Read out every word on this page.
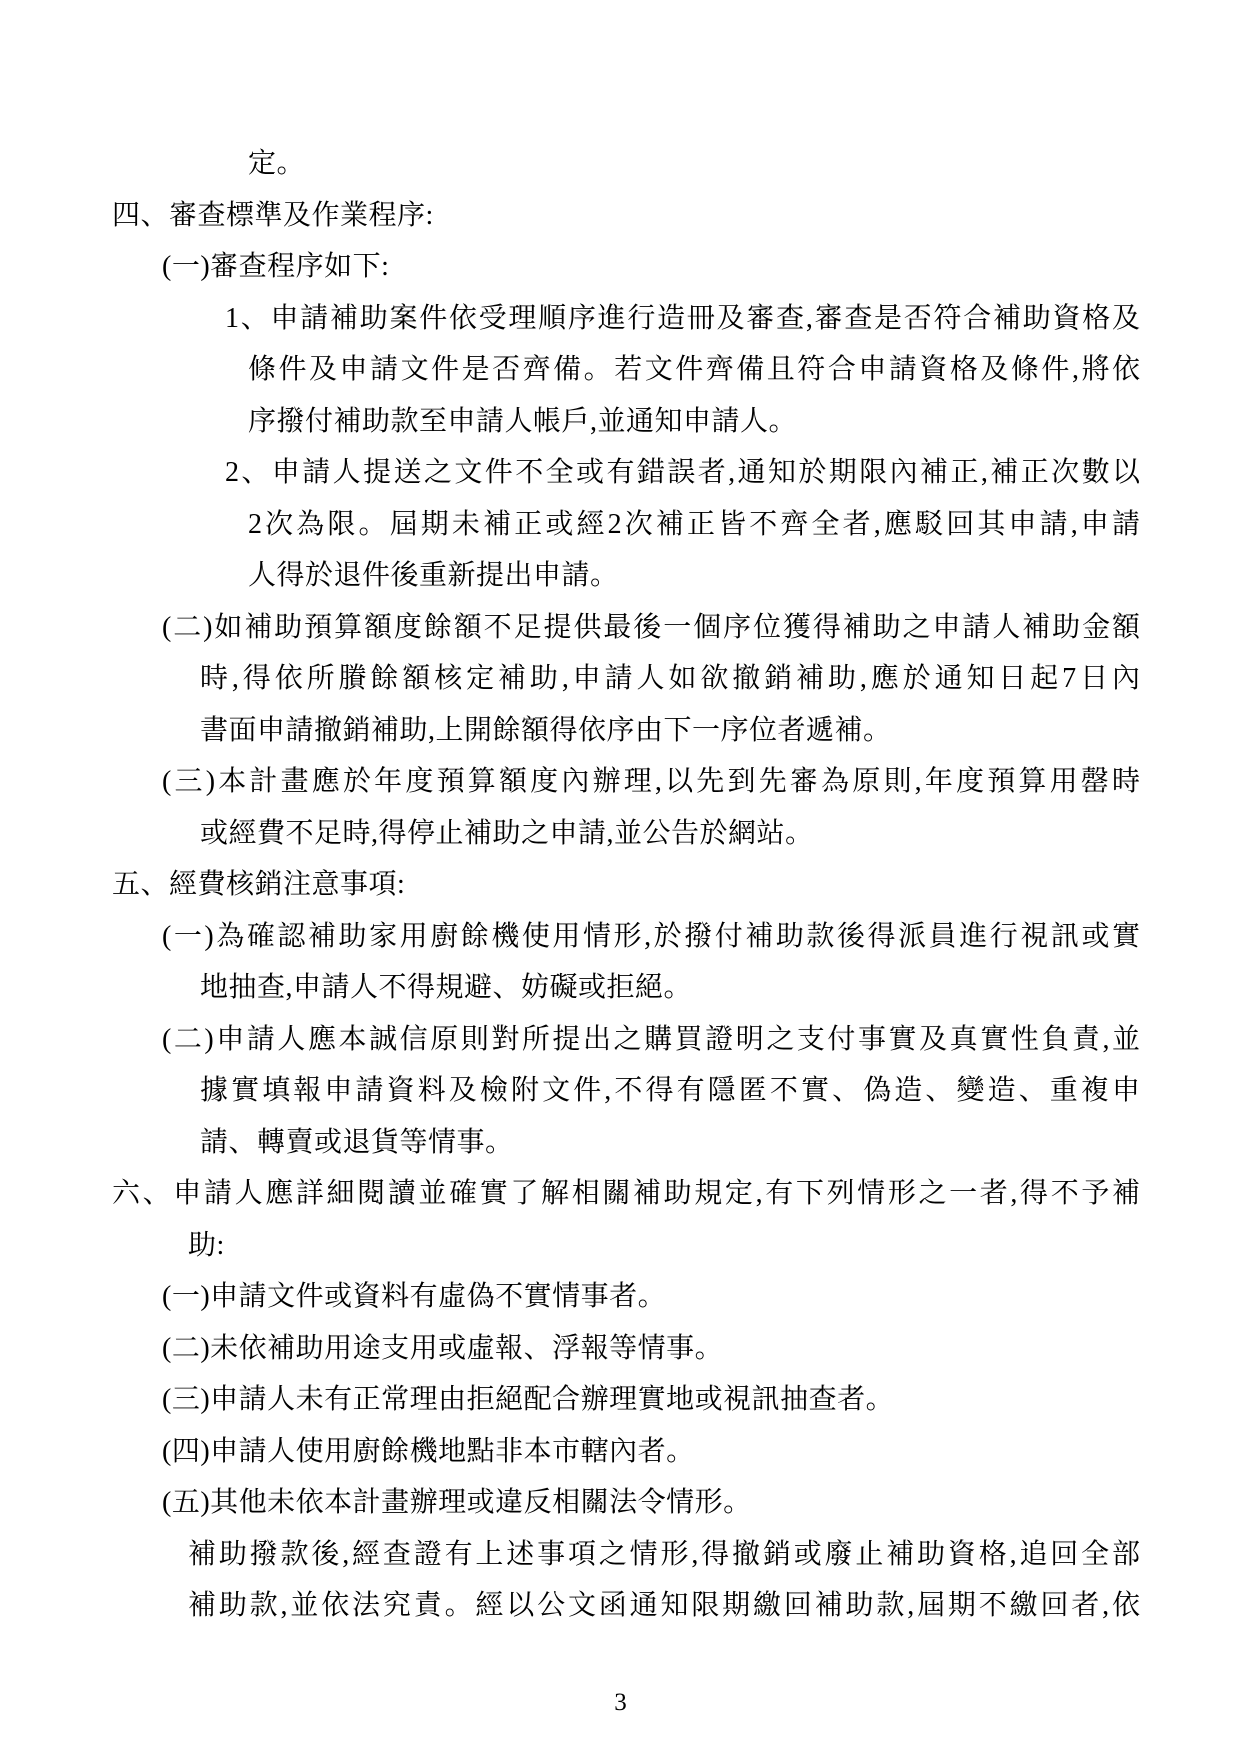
定。
四、審查標準及作業程序:
(一)審查程序如下:
1、申請補助案件依受理順序進行造冊及審查,審查是否符合補助資格及
條件及申請文件是否齊備。若文件齊備且符合申請資格及條件,將依
序撥付補助款至申請人帳戶,並通知申請人。
2、申請人提送之文件不全或有錯誤者,通知於期限內補正,補正次數以
2次為限。屆期未補正或經2次補正皆不齊全者,應駁回其申請,申請
人得於退件後重新提出申請。
(二)如補助預算額度餘額不足提供最後一個序位獲得補助之申請人補助金額
時,得依所賸餘額核定補助,申請人如欲撤銷補助,應於通知日起7日內
書面申請撤銷補助,上開餘額得依序由下一序位者遞補。
(三)本計畫應於年度預算額度內辦理,以先到先審為原則,年度預算用罄時
或經費不足時,得停止補助之申請,並公告於網站。
五、經費核銷注意事項:
(一)為確認補助家用廚餘機使用情形,於撥付補助款後得派員進行視訊或實
地抽查,申請人不得規避、妨礙或拒絕。
(二)申請人應本誠信原則對所提出之購買證明之支付事實及真實性負責,並
據實填報申請資料及檢附文件,不得有隱匿不實、偽造、變造、重複申
請、轉賣或退貨等情事。
六、申請人應詳細閱讀並確實了解相關補助規定,有下列情形之一者,得不予補
助:
(一)申請文件或資料有虛偽不實情事者。
(二)未依補助用途支用或虛報、浮報等情事。
(三)申請人未有正常理由拒絕配合辦理實地或視訊抽查者。
(四)申請人使用廚餘機地點非本市轄內者。
(五)其他未依本計畫辦理或違反相關法令情形。
補助撥款後,經查證有上述事項之情形,得撤銷或廢止補助資格,追回全部
補助款,並依法究責。經以公文函通知限期繳回補助款,屆期不繳回者,依
3
